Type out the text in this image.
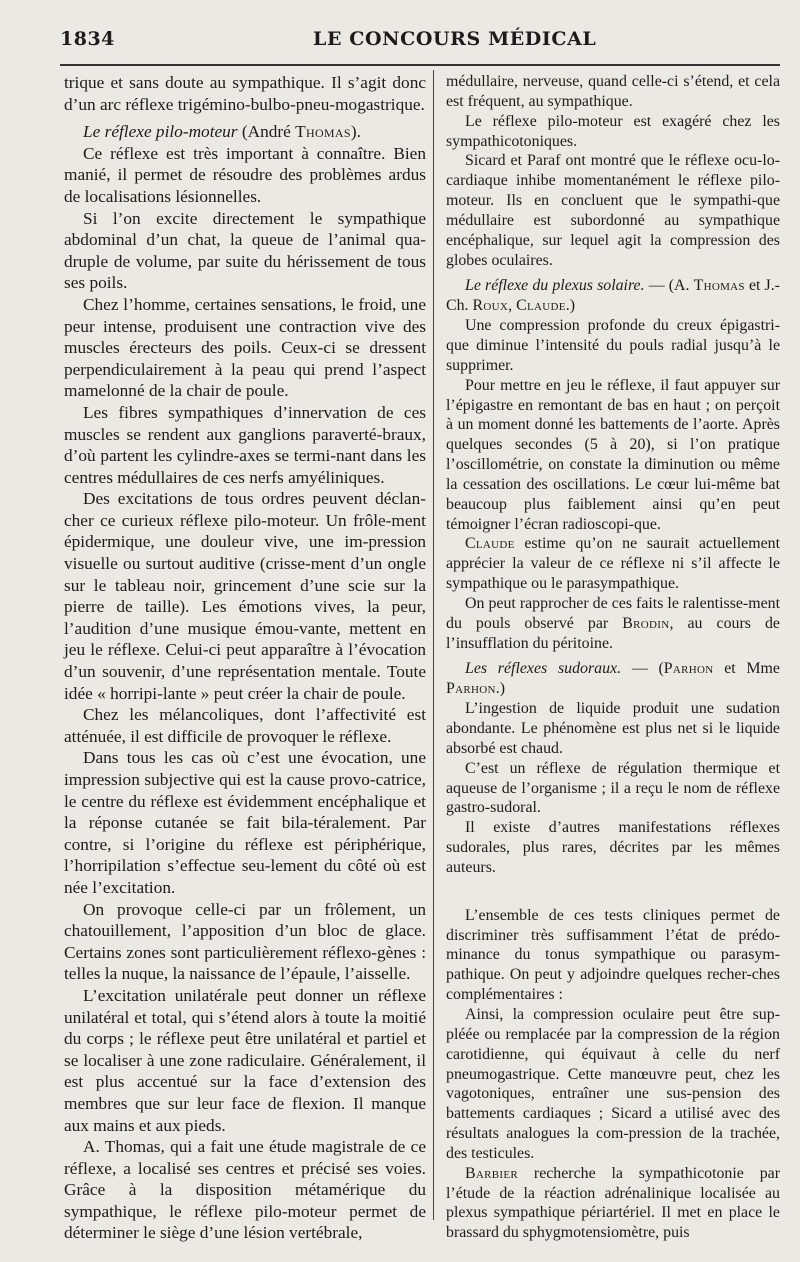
1834	LE CONCOURS MÉDICAL

trique et sans doute au sympathique. Il s’agit donc d’un arc réflexe trigémino-bulbo-pneu-mogastrique.

Le réflexe pilo-moteur (André Thomas).

Ce réflexe est très important à connaître. Bien manié, il permet de résoudre des problèmes ardus de localisations lésionnelles.

Si l’on excite directement le sympathique abdominal d’un chat, la queue de l’animal qua-druple de volume, par suite du hérissement de tous ses poils.

Chez l’homme, certaines sensations, le froid, une peur intense, produisent une contraction vive des muscles érecteurs des poils. Ceux-ci se dressent perpendiculairement à la peau qui prend l’aspect mamelonné de la chair de poule.

Les fibres sympathiques d’innervation de ces muscles se rendent aux ganglions paraverté-braux, d’où partent les cylindre-axes se termi-nant dans les centres médullaires de ces nerfs amyéliniques.

Des excitations de tous ordres peuvent déclan-cher ce curieux réflexe pilo-moteur. Un frôle-ment épidermique, une douleur vive, une im-pression visuelle ou surtout auditive (crisse-ment d’un ongle sur le tableau noir, grincement d’une scie sur la pierre de taille). Les émotions vives, la peur, l’audition d’une musique émou-vante, mettent en jeu le réflexe. Celui-ci peut apparaître à l’évocation d’un souvenir, d’une représentation mentale. Toute idée « horripi-lante » peut créer la chair de poule.

Chez les mélancoliques, dont l’affectivité est atténuée, il est difficile de provoquer le réflexe.

Dans tous les cas où c’est une évocation, une impression subjective qui est la cause provo-catrice, le centre du réflexe est évidemment encéphalique et la réponse cutanée se fait bila-téralement. Par contre, si l’origine du réflexe est périphérique, l’horripilation s’effectue seu-lement du côté où est née l’excitation.

On provoque celle-ci par un frôlement, un chatouillement, l’apposition d’un bloc de glace. Certains zones sont particulièrement réflexo-gènes : telles la nuque, la naissance de l’épaule, l’aisselle.

L’excitation unilatérale peut donner un réflexe unilatéral et total, qui s’étend alors à toute la moitié du corps ; le réflexe peut être unilatéral et partiel et se localiser à une zone radiculaire. Généralement, il est plus accentué sur la face d’extension des membres que sur leur face de flexion. Il manque aux mains et aux pieds.

A. Thomas, qui a fait une étude magistrale de ce réflexe, a localisé ses centres et précisé ses voies. Grâce à la disposition métamérique du sympathique, le réflexe pilo-moteur permet de déterminer le siège d’une lésion vertébrale,

médullaire, nerveuse, quand celle-ci s’étend, et cela est fréquent, au sympathique.

Le réflexe pilo-moteur est exagéré chez les sympathicotoniques.

Sicard et Paraf ont montré que le réflexe ocu-lo-cardiaque inhibe momentanément le réflexe pilo-moteur. Ils en concluent que le sympathi-que médullaire est subordonné au sympathique encéphalique, sur lequel agit la compression des globes oculaires.

Le réflexe du plexus solaire. — (A. Thomas et J.-Ch. Roux, Claude.)

Une compression profonde du creux épigastri-que diminue l’intensité du pouls radial jusqu’à le supprimer.

Pour mettre en jeu le réflexe, il faut appuyer sur l’épigastre en remontant de bas en haut ; on perçoit à un moment donné les battements de l’aorte. Après quelques secondes (5 à 20), si l’on pratique l’oscillométrie, on constate la diminution ou même la cessation des oscillations. Le cœur lui-même bat beaucoup plus faiblement ainsi qu’en peut témoigner l’écran radioscopi-que.

Claude estime qu’on ne saurait actuellement apprécier la valeur de ce réflexe ni s’il affecte le sympathique ou le parasympathique.

On peut rapprocher de ces faits le ralentisse-ment du pouls observé par Brodin, au cours de l’insufflation du péritoine.

Les réflexes sudoraux. — (Parhon et Mme Parhon.)

L’ingestion de liquide produit une sudation abondante. Le phénomène est plus net si le liquide absorbé est chaud.

C’est un réflexe de régulation thermique et aqueuse de l’organisme ; il a reçu le nom de réflexe gastro-sudoral.

Il existe d’autres manifestations réflexes sudorales, plus rares, décrites par les mêmes auteurs.

L’ensemble de ces tests cliniques permet de discriminer très suffisamment l’état de prédo-minance du tonus sympathique ou parasym-pathique. On peut y adjoindre quelques recher-ches complémentaires :

Ainsi, la compression oculaire peut être sup-pléée ou remplacée par la compression de la région carotidienne, qui équivaut à celle du nerf pneumogastrique. Cette manœuvre peut, chez les vagotoniques, entraîner une sus-pension des battements cardiaques ; Sicard a utilisé avec des résultats analogues la com-pression de la trachée, des testicules.

Barbier recherche la sympathicotonie par l’étude de la réaction adrénalinique localisée au plexus sympathique périartériel. Il met en place le brassard du sphygmotensiomètre, puis
